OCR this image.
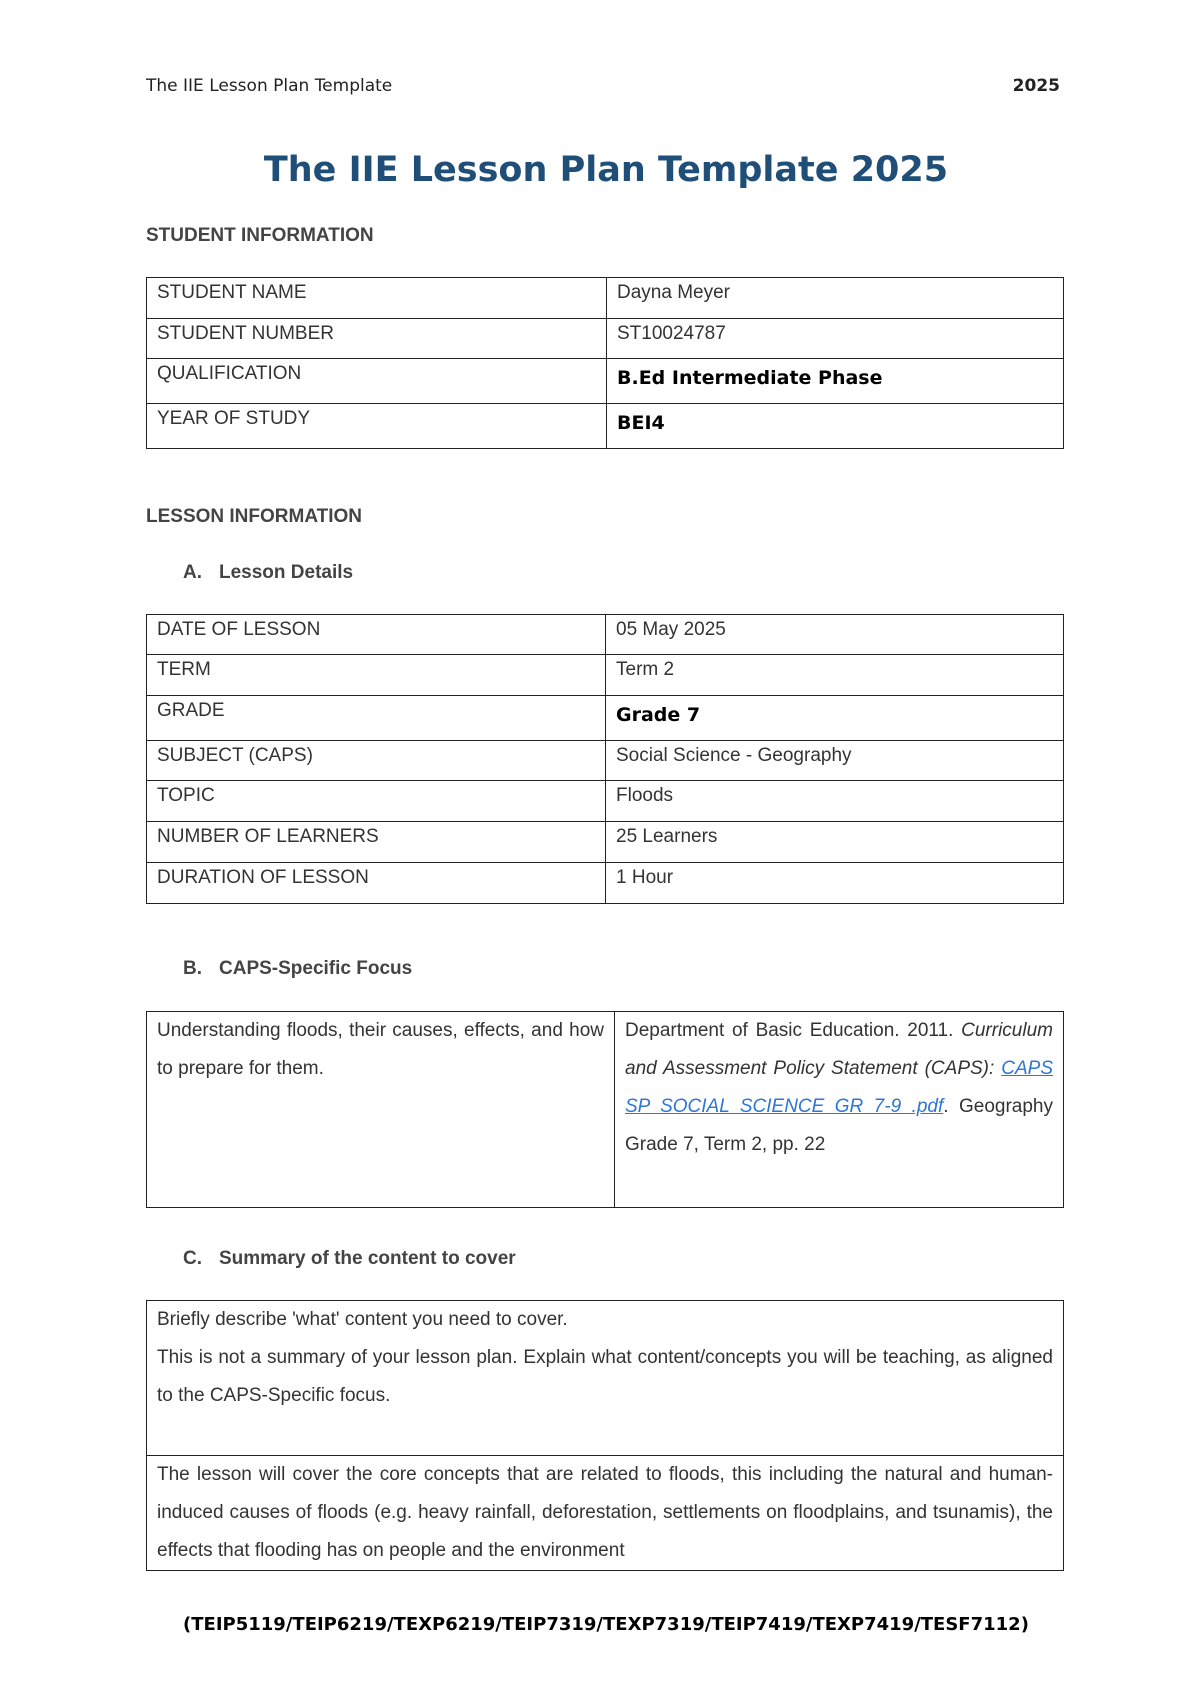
The IIE Lesson Plan Template	2025
The IIE Lesson Plan Template 2025
STUDENT INFORMATION
STUDENT NAME	Dayna Meyer
STUDENT NUMBER	ST10024787
QUALIFICATION	B.Ed Intermediate Phase
YEAR OF STUDY	BEI4
LESSON INFORMATION
A. Lesson Details
DATE OF LESSON	05 May 2025
TERM	Term 2
GRADE	Grade 7
SUBJECT (CAPS)	Social Science - Geography
TOPIC	Floods
NUMBER OF LEARNERS	25 Learners
DURATION OF LESSON	1 Hour
B. CAPS-Specific Focus
Understanding floods, their causes, effects, and how to prepare for them.	Department of Basic Education. 2011. Curriculum and Assessment Policy Statement (CAPS): CAPS SP SOCIAL SCIENCE GR 7-9 .pdf. Geography Grade 7, Term 2, pp. 22
C. Summary of the content to cover
Briefly describe 'what' content you need to cover.
This is not a summary of your lesson plan. Explain what content/concepts you will be teaching, as aligned to the CAPS-Specific focus.

The lesson will cover the core concepts that are related to floods, this including the natural and human-induced causes of floods (e.g. heavy rainfall, deforestation, settlements on floodplains, and tsunamis), the effects that flooding has on people and the environment
(TEIP5119/TEIP6219/TEXP6219/TEIP7319/TEXP7319/TEIP7419/TEXP7419/TESF7112)
